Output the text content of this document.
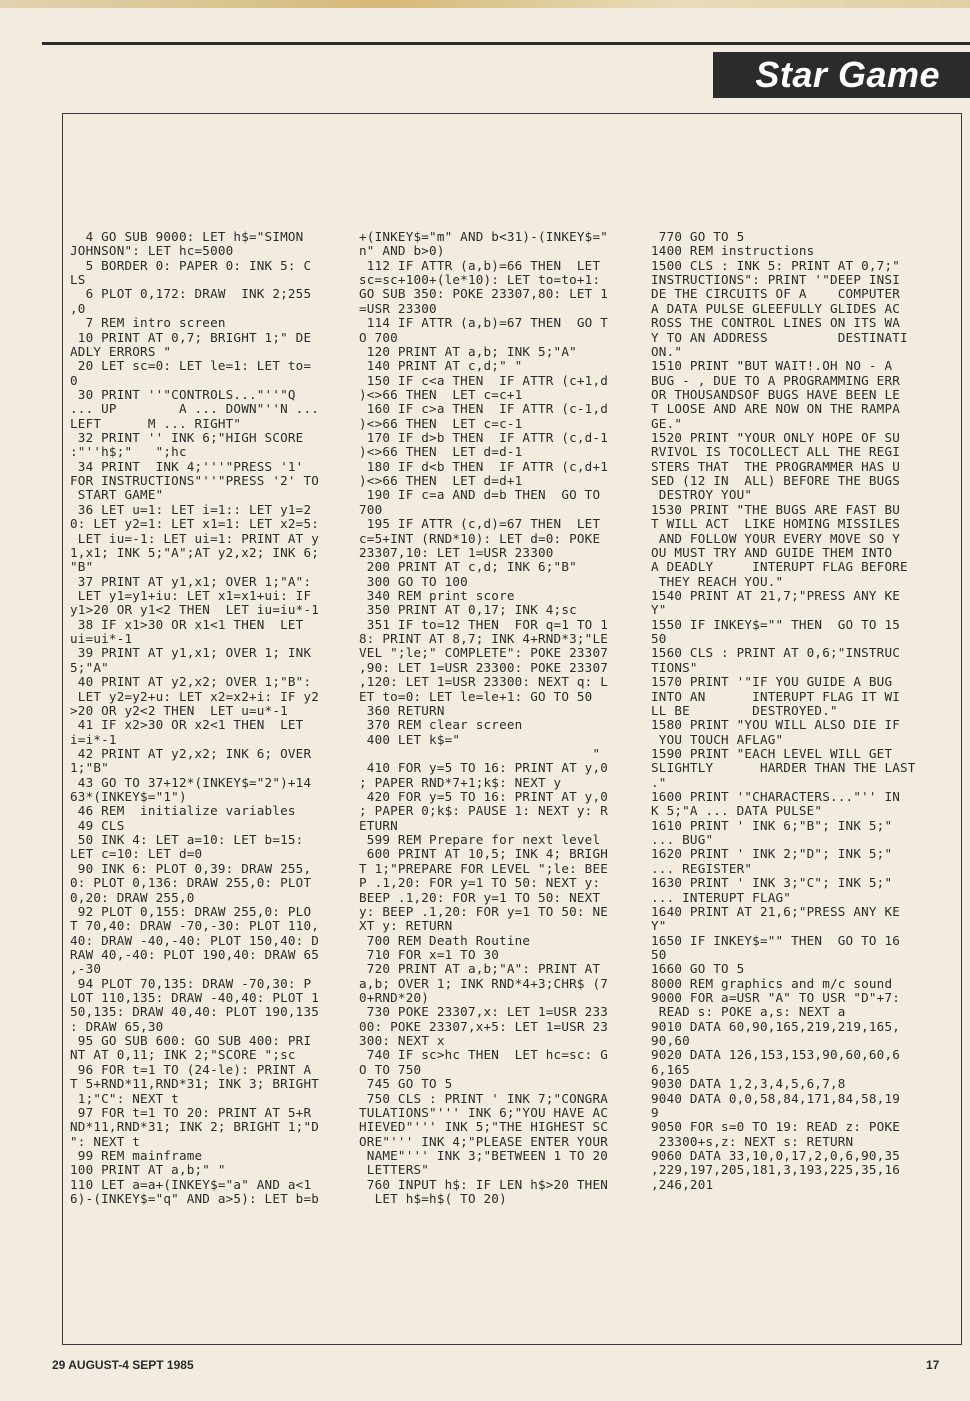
Star Game
4 GO SUB 9000: LET h$="SIMON
JOHNSON": LET hc=5000
5 BORDER 0: PAPER 0: INK 5: C
LS
6 PLOT 0,172: DRAW  INK 2;255
,0
7 REM intro screen
10 PRINT AT 0,7; BRIGHT 1;" DE
ADLY ERRORS "
20 LET sc=0: LET le=1: LET to=
0
30 PRINT ''"CONTROLS..."''"Q
... UP        A ... DOWN"''N ...
LEFT      M ... RIGHT"
32 PRINT '' INK 6;"HIGH SCORE
:"''h$;"   ";hc
34 PRINT  INK 4;'''"PRESS '1'
FOR INSTRUCTIONS"''"PRESS '2' TO
START GAME"
36 LET u=1: LET i=1:: LET y1=2
0: LET y2=1: LET x1=1: LET x2=5:
LET iu=-1: LET ui=1: PRINT AT y
1,x1; INK 5;"A";AT y2,x2; INK 6;
"B"
37 PRINT AT y1,x1; OVER 1;"A":
LET y1=y1+iu: LET x1=x1+ui: IF
y1>20 OR y1<2 THEN  LET iu=iu*-1
38 IF x1>30 OR x1<1 THEN  LET
ui=ui*-1
39 PRINT AT y1,x1; OVER 1; INK
5;"A"
40 PRINT AT y2,x2; OVER 1;"B":
LET y2=y2+u: LET x2=x2+i: IF y2
>20 OR y2<2 THEN  LET u=u*-1
41 IF x2>30 OR x2<1 THEN  LET
i=i*-1
42 PRINT AT y2,x2; INK 6; OVER
1;"B"
43 GO TO 37+12*(INKEY$="2")+14
63*(INKEY$="1")
46 REM  initialize variables
49 CLS
50 INK 4: LET a=10: LET b=15:
LET c=10: LET d=0
90 INK 6: PLOT 0,39: DRAW 255,
0: PLOT 0,136: DRAW 255,0: PLOT
0,20: DRAW 255,0
92 PLOT 0,155: DRAW 255,0: PLO
T 70,40: DRAW -70,-30: PLOT 110,
40: DRAW -40,-40: PLOT 150,40: D
RAW 40,-40: PLOT 190,40: DRAW 65
,-30
94 PLOT 70,135: DRAW -70,30: P
LOT 110,135: DRAW -40,40: PLOT 1
50,135: DRAW 40,40: PLOT 190,135
: DRAW 65,30
95 GO SUB 600: GO SUB 400: PRI
NT AT 0,11; INK 2;"SCORE ";sc
96 FOR t=1 TO (24-le): PRINT A
T 5+RND*11,RND*31; INK 3; BRIGHT
1;"C": NEXT t
97 FOR t=1 TO 20: PRINT AT 5+R
ND*11,RND*31; INK 2; BRIGHT 1;"D
": NEXT t
99 REM mainframe
100 PRINT AT a,b;" "
110 LET a=a+(INKEY$="a" AND a<1
6)-(INKEY$="q" AND a>5): LET b=b
+(INKEY$="m" AND b<31)-(INKEY$="
n" AND b>0)
112 IF ATTR (a,b)=66 THEN  LET
sc=sc+100+(le*10): LET to=to+1:
GO SUB 350: POKE 23307,80: LET 1
=USR 23300
114 IF ATTR (a,b)=67 THEN  GO T
O 700
120 PRINT AT a,b; INK 5;"A"
140 PRINT AT c,d;" "
150 IF c<a THEN  IF ATTR (c+1,d
)<>66 THEN  LET c=c+1
160 IF c>a THEN  IF ATTR (c-1,d
)<>66 THEN  LET c=c-1
170 IF d>b THEN  IF ATTR (c,d-1
)<>66 THEN  LET d=d-1
180 IF d<b THEN  IF ATTR (c,d+1
)<>66 THEN  LET d=d+1
190 IF c=a AND d=b THEN  GO TO
700
195 IF ATTR (c,d)=67 THEN  LET
c=5+INT (RND*10): LET d=0: POKE
23307,10: LET 1=USR 23300
200 PRINT AT c,d; INK 6;"B"
300 GO TO 100
340 REM print score
350 PRINT AT 0,17; INK 4;sc
351 IF to=12 THEN  FOR q=1 TO 1
8: PRINT AT 8,7; INK 4+RND*3;"LE
VEL ";le;" COMPLETE": POKE 23307
,90: LET 1=USR 23300: POKE 23307
,120: LET 1=USR 23300: NEXT q: L
ET to=0: LET le=le+1: GO TO 50
360 RETURN
370 REM clear screen
400 LET k$="
"
410 FOR y=5 TO 16: PRINT AT y,0
; PAPER RND*7+1;k$: NEXT y
420 FOR y=5 TO 16: PRINT AT y,0
; PAPER 0;k$: PAUSE 1: NEXT y: R
ETURN
599 REM Prepare for next level
600 PRINT AT 10,5; INK 4; BRIGH
T 1;"PREPARE FOR LEVEL ";le: BEE
P .1,20: FOR y=1 TO 50: NEXT y:
BEEP .1,20: FOR y=1 TO 50: NEXT
y: BEEP .1,20: FOR y=1 TO 50: NE
XT y: RETURN
700 REM Death Routine
710 FOR x=1 TO 30
720 PRINT AT a,b;"A": PRINT AT
a,b; OVER 1; INK RND*4+3;CHR$ (7
0+RND*20)
730 POKE 23307,x: LET 1=USR 233
00: POKE 23307,x+5: LET 1=USR 23
300: NEXT x
740 IF sc>hc THEN  LET hc=sc: G
O TO 750
745 GO TO 5
750 CLS : PRINT ' INK 7;"CONGRA
TULATIONS"''' INK 6;"YOU HAVE AC
HIEVED"''' INK 5;"THE HIGHEST SC
ORE"''' INK 4;"PLEASE ENTER YOUR
NAME"''' INK 3;"BETWEEN 1 TO 20
LETTERS"
760 INPUT h$: IF LEN h$>20 THEN
LET h$=h$( TO 20)
770 GO TO 5
1400 REM instructions
1500 CLS : INK 5: PRINT AT 0,7;"
INSTRUCTIONS": PRINT '"DEEP INSI
DE THE CIRCUITS OF A    COMPUTER
A DATA PULSE GLEEFULLY GLIDES AC
ROSS THE CONTROL LINES ON ITS WA
Y TO AN ADDRESS         DESTINATI
ON."
1510 PRINT "BUT WAIT!.OH NO - A
BUG - , DUE TO A PROGRAMMING ERR
OR THOUSANDSOF BUGS HAVE BEEN LE
T LOOSE AND ARE NOW ON THE RAMPA
GE."
1520 PRINT "YOUR ONLY HOPE OF SU
RVIVOL IS TOCOLLECT ALL THE REGI
STERS THAT  THE PROGRAMMER HAS U
SED (12 IN  ALL) BEFORE THE BUGS
DESTROY YOU"
1530 PRINT "THE BUGS ARE FAST BU
T WILL ACT  LIKE HOMING MISSILES
AND FOLLOW YOUR EVERY MOVE SO Y
OU MUST TRY AND GUIDE THEM INTO
A DEADLY     INTERUPT FLAG BEFORE
THEY REACH YOU."
1540 PRINT AT 21,7;"PRESS ANY KE
Y"
1550 IF INKEY$="" THEN  GO TO 15
50
1560 CLS : PRINT AT 0,6;"INSTRUC
TIONS"
1570 PRINT '"IF YOU GUIDE A BUG
INTO AN      INTERUPT FLAG IT WI
LL BE        DESTROYED."
1580 PRINT "YOU WILL ALSO DIE IF
YOU TOUCH AFLAG"
1590 PRINT "EACH LEVEL WILL GET
SLIGHTLY      HARDER THAN THE LAST
."
1600 PRINT '"CHARACTERS..."'' IN
K 5;"A ... DATA PULSE"
1610 PRINT ' INK 6;"B"; INK 5;"
... BUG"
1620 PRINT ' INK 2;"D"; INK 5;"
... REGISTER"
1630 PRINT ' INK 3;"C"; INK 5;"
... INTERUPT FLAG"
1640 PRINT AT 21,6;"PRESS ANY KE
Y"
1650 IF INKEY$="" THEN  GO TO 16
50
1660 GO TO 5
8000 REM graphics and m/c sound
9000 FOR a=USR "A" TO USR "D"+7:
READ s: POKE a,s: NEXT a
9010 DATA 60,90,165,219,219,165,
90,60
9020 DATA 126,153,153,90,60,60,6
6,165
9030 DATA 1,2,3,4,5,6,7,8
9040 DATA 0,0,58,84,171,84,58,19
9
9050 FOR s=0 TO 19: READ z: POKE
23300+s,z: NEXT s: RETURN
9060 DATA 33,10,0,17,2,0,6,90,35
,229,197,205,181,3,193,225,35,16
,246,201
29 AUGUST-4 SEPT 1985	17
